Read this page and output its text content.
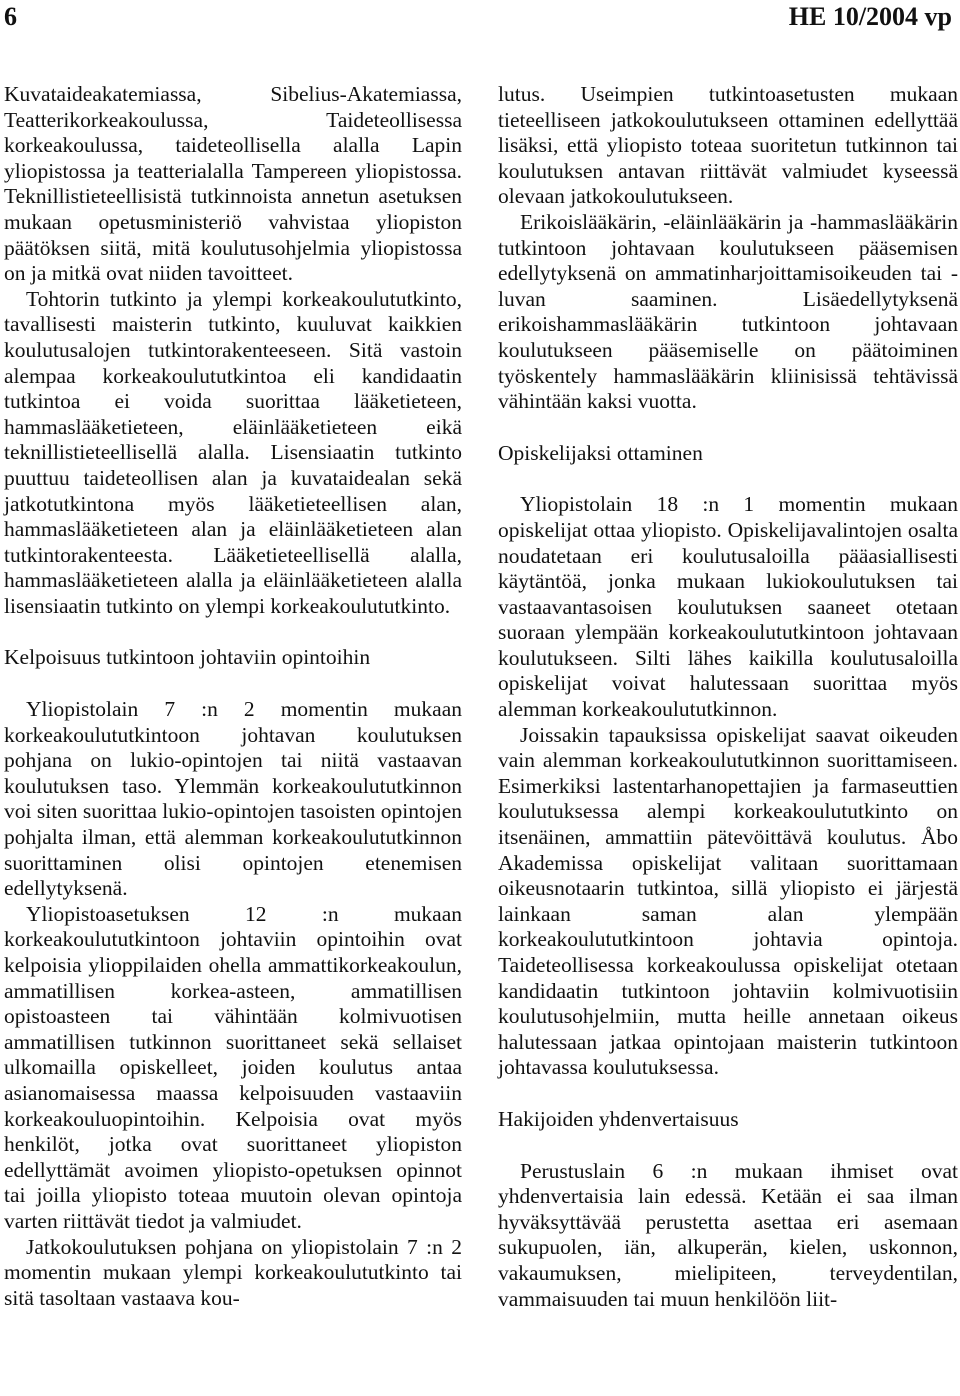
6	HE 10/2004 vp

Kuvataideakatemiassa, Sibelius-Akatemiassa, Teatterikorkeakoulussa, Taideteollisessa korkeakoulussa, taideteollisella alalla Lapin yliopistossa ja teatterialalla Tampereen yliopistossa. Teknillistieteellisistä tutkinnoista annetun asetuksen mukaan opetusministeriö vahvistaa yliopiston päätöksen siitä, mitä koulutusohjelmia yliopistossa on ja mitkä ovat niiden tavoitteet.

Tohtorin tutkinto ja ylempi korkeakoulututkinto, tavallisesti maisterin tutkinto, kuuluvat kaikkien koulutusalojen tutkintorakenteeseen. Sitä vastoin alempaa korkeakoulututkintoa eli kandidaatin tutkintoa ei voida suorittaa lääketieteen, hammaslääketieteen, eläinlääketieteen eikä teknillistieteellisellä alalla. Lisensiaatin tutkinto puuttuu taideteollisen alan ja kuvataidealan sekä jatkotutkintona myös lääketieteellisen alan, hammaslääketieteen alan ja eläinlääketieteen alan tutkintorakenteesta. Lääketieteellisellä alalla, hammaslääketieteen alalla ja eläinlääketieteen alalla lisensiaatin tutkinto on ylempi korkeakoulututkinto.

Kelpoisuus tutkintoon johtaviin opintoihin

Yliopistolain 7 :n 2 momentin mukaan korkeakoulututkintoon johtavan koulutuksen pohjana on lukio-opintojen tai niitä vastaavan koulutuksen taso. Ylemmän korkeakoulututkinnon voi siten suorittaa lukio-opintojen tasoisten opintojen pohjalta ilman, että alemman korkeakoulututkinnon suorittaminen olisi opintojen etenemisen edellytyksenä.

Yliopistoasetuksen 12 :n mukaan korkeakoulututkintoon johtaviin opintoihin ovat kelpoisia ylioppilaiden ohella ammattikorkeakoulun, ammatillisen korkea-asteen, ammatillisen opistoasteen tai vähintään kolmivuotisen ammatillisen tutkinnon suorittaneet sekä sellaiset ulkomailla opiskelleet, joiden koulutus antaa asianomaisessa maassa kelpoisuuden vastaaviin korkeakouluopintoihin. Kelpoisia ovat myös henkilöt, jotka ovat suorittaneet yliopiston edellyttämät avoimen yliopisto-opetuksen opinnot tai joilla yliopisto toteaa muutoin olevan opintoja varten riittävät tiedot ja valmiudet.

Jatkokoulutuksen pohjana on yliopistolain 7 :n 2 momentin mukaan ylempi korkeakoulututkinto tai sitä tasoltaan vastaava kou-

lutus. Useimpien tutkintoasetusten mukaan tieteelliseen jatkokoulutukseen ottaminen edellyttää lisäksi, että yliopisto toteaa suoritetun tutkinnon tai koulutuksen antavan riittävät valmiudet kyseessä olevaan jatkokoulutukseen.

Erikoislääkärin, -eläinlääkärin ja -hammaslääkärin tutkintoon johtavaan koulutukseen pääsemisen edellytyksenä on ammatinharjoittamisoikeuden tai -luvan saaminen. Lisäedellytyksenä erikoishammaslääkärin tutkintoon johtavaan koulutukseen pääsemiselle on päätoiminen työskentely hammaslääkärin kliinisissä tehtävissä vähintään kaksi vuotta.

Opiskelijaksi ottaminen

Yliopistolain 18 :n 1 momentin mukaan opiskelijat ottaa yliopisto. Opiskelijavalintojen osalta noudatetaan eri koulutusaloilla pääasiallisesti käytäntöä, jonka mukaan lukiokoulutuksen tai vastaavantasoisen koulutuksen saaneet otetaan suoraan ylempään korkeakoulututkintoon johtavaan koulutukseen. Silti lähes kaikilla koulutusaloilla opiskelijat voivat halutessaan suorittaa myös alemman korkeakoulututkinnon.

Joissakin tapauksissa opiskelijat saavat oikeuden vain alemman korkeakoulututkinnon suorittamiseen. Esimerkiksi lastentarhanopettajien ja farmaseuttien koulutuksessa alempi korkeakoulututkinto on itsenäinen, ammattiin pätevöittävä koulutus. Åbo Akademissa opiskelijat valitaan suorittamaan oikeusnotaarin tutkintoa, sillä yliopisto ei järjestä lainkaan saman alan ylempään korkeakoulututkintoon johtavia opintoja. Taideteollisessa korkeakoulussa opiskelijat otetaan kandidaatin tutkintoon johtaviin kolmivuotisiin koulutusohjelmiin, mutta heille annetaan oikeus halutessaan jatkaa opintojaan maisterin tutkintoon johtavassa koulutuksessa.

Hakijoiden yhdenvertaisuus

Perustuslain 6 :n mukaan ihmiset ovat yhdenvertaisia lain edessä. Ketään ei saa ilman hyväksyttävää perustetta asettaa eri asemaan sukupuolen, iän, alkuperän, kielen, uskonnon, vakaumuksen, mielipiteen, terveydentilan, vammaisuuden tai muun henkilöön liit-
